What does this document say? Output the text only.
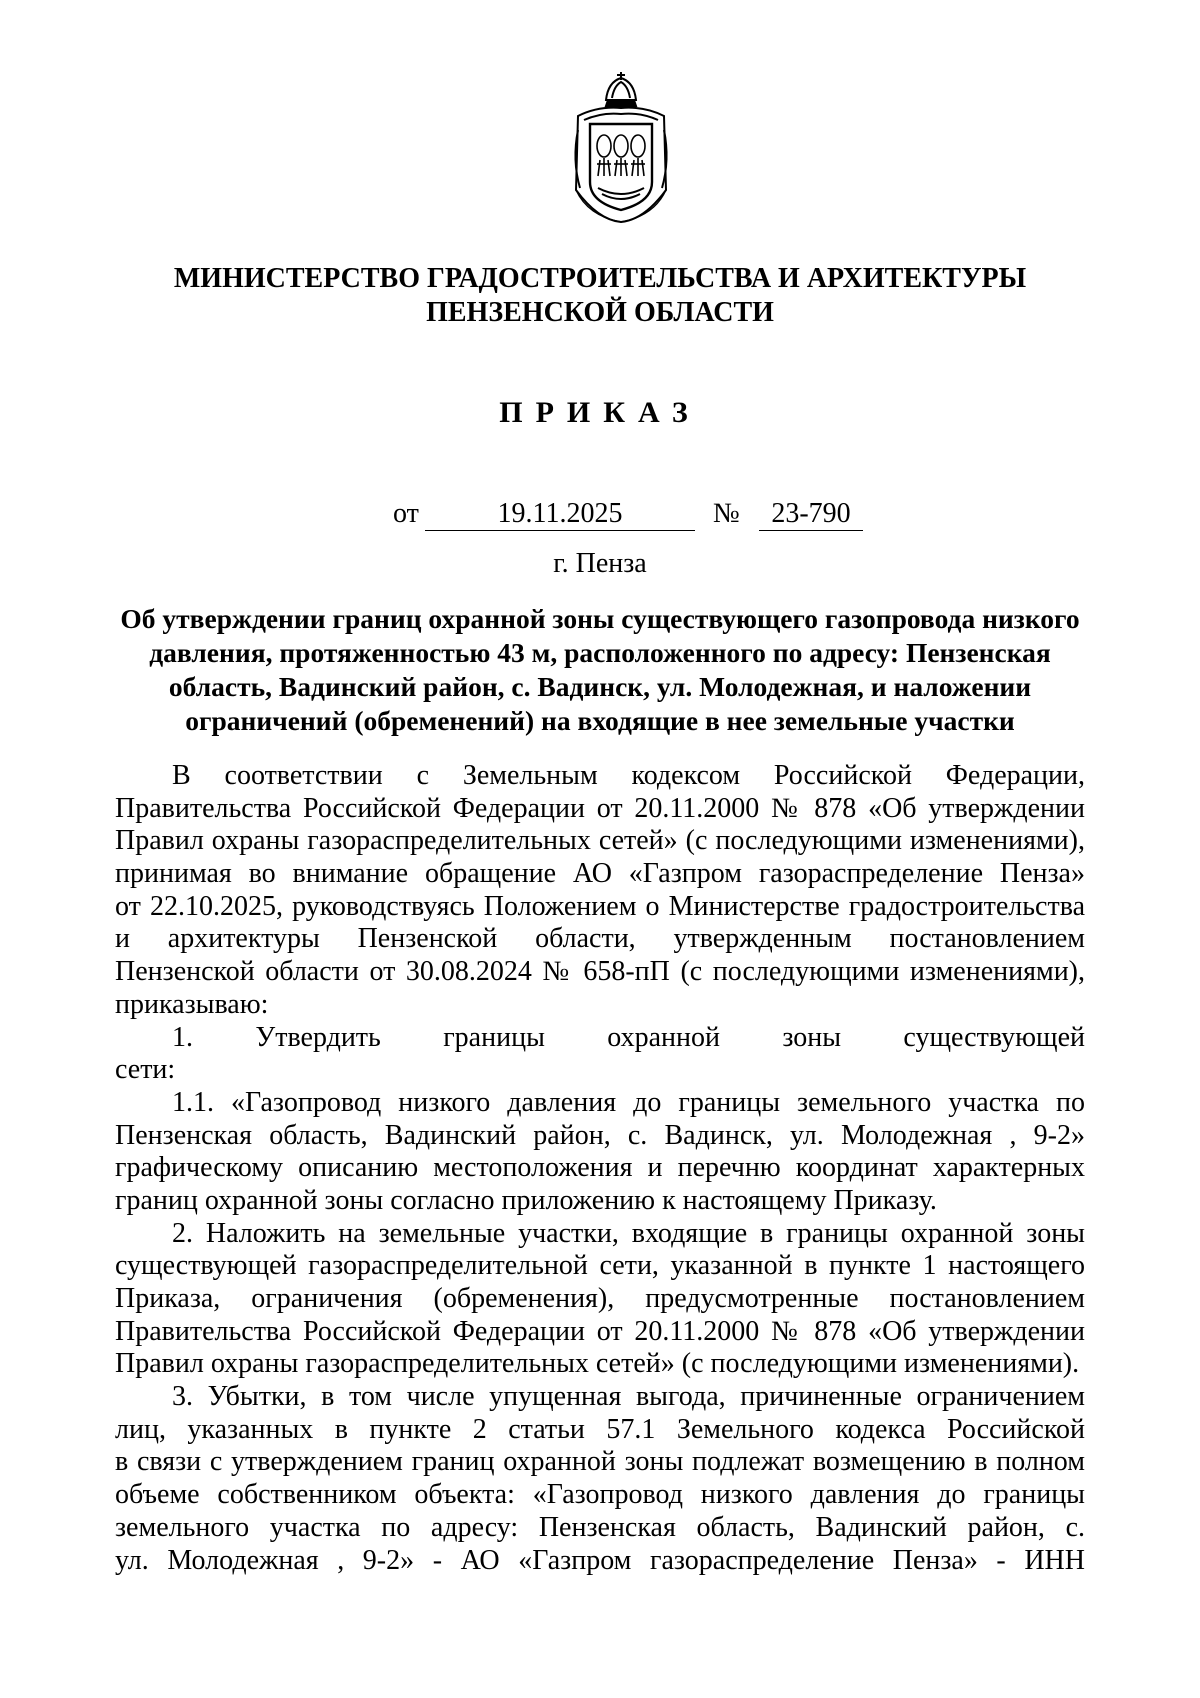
МИНИСТЕРСТВО ГРАДОСТРОИТЕЛЬСТВА И АРХИТЕКТУРЫ
ПЕНЗЕНСКОЙ ОБЛАСТИ
ПРИКАЗ
от	19.11.2025	№	23-790
г. Пенза
Об утверждении границ охранной зоны существующего газопровода низкого
давления, протяженностью 43 м, расположенного по адресу: Пензенская
область, Вадинский район, с. Вадинск, ул. Молодежная, и наложении
ограничений (обременений) на входящие в нее земельные участки
В соответствии с Земельным кодексом Российской Федерации,
Правительства Российской Федерации от 20.11.2000 № 878 «Об утверждении
Правил охраны газораспределительных сетей» (с последующими изменениями),
принимая во внимание обращение АО «Газпром газораспределение Пенза»
от 22.10.2025, руководствуясь Положением о Министерстве градостроительства
и архитектуры Пензенской области, утвержденным постановлением
Пензенской области от 30.08.2024 № 658-пП (с последующими изменениями),
приказываю:
1. Утвердить границы охранной зоны существующей
сети:
1.1. «Газопровод низкого давления до границы земельного участка по
Пензенская область, Вадинский район, с. Вадинск, ул. Молодежная , 9-2»
графическому описанию местоположения и перечню координат характерных
границ охранной зоны согласно приложению к настоящему Приказу.
2. Наложить на земельные участки, входящие в границы охранной зоны
существующей газораспределительной сети, указанной в пункте 1 настоящего
Приказа, ограничения (обременения), предусмотренные постановлением
Правительства Российской Федерации от 20.11.2000 № 878 «Об утверждении
Правил охраны газораспределительных сетей» (с последующими изменениями).
3. Убытки, в том числе упущенная выгода, причиненные ограничением
лиц, указанных в пункте 2 статьи 57.1 Земельного кодекса Российской
в связи с утверждением границ охранной зоны подлежат возмещению в полном
объеме собственником объекта: «Газопровод низкого давления до границы
земельного участка по адресу: Пензенская область, Вадинский район, с.
ул. Молодежная , 9-2» - АО «Газпром газораспределение Пенза» - ИНН
